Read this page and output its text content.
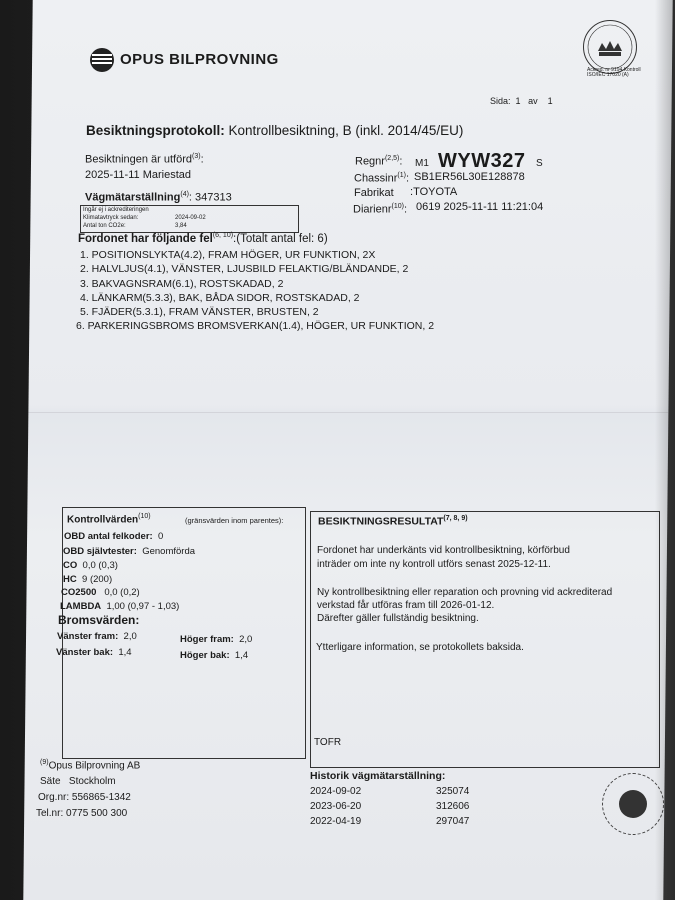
OPUS BILPROVNING
Ackred. nr 9194 Kontroll ISO/IEC 17020 (A)
Sida: 1 av 1
Besiktningsprotokoll: Kontrollbesiktning, B (inkl. 2014/45/EU)
Besiktningen är utförd$^{(3)}$:
2025-11-11 Mariestad
Vägmätarställning$^{(4)}$: 347313
Ingår ej i ackrediteringen
Klimatavtryck sedan:	2024-09-02
Antal ton CO2e:	3,84
Regnr$^{(2,5)}$: M1 WYW327 S
Chassinr$^{(1)}$: SB1ER56L30E128878
Fabrikat :TOYOTA
Diarienr$^{(10)}$: 0619 2025-11-11 11:21:04
Fordonet har följande fel$^{(6, 10)}$:(Totalt antal fel: 6)
1. POSITIONSLYKTA(4.2), FRAM HÖGER, UR FUNKTION, 2X
2. HALVLJUS(4.1), VÄNSTER, LJUSBILD FELAKTIG/BLÄNDANDE, 2
3. BAKVAGNSRAM(6.1), ROSTSKADAD, 2
4. LÄNKARM(5.3.3), BAK, BÅDA SIDOR, ROSTSKADAD, 2
5. FJÄDER(5.3.1), FRAM VÄNSTER, BRUSTEN, 2
6. PARKERINGSBROMS BROMSVERKAN(1.4), HÖGER, UR FUNKTION, 2
Kontrollvärden$^{(10)}$	(gränsvärden inom parentes):
OBD antal felkoder: 0
OBD självtester: Genomförda
CO 0,0 (0,3)
HC 9 (200)
CO2500 0,0 (0,2)
LAMBDA 1,00 (0,97 - 1,03)
Bromsvärden:
Vänster fram: 2,0	Höger fram: 2,0
Vänster bak: 1,4	Höger bak: 1,4
BESIKTNINGSRESULTAT$^{(7, 8, 9)}$
Fordonet har underkänts vid kontrollbesiktning, körförbud
inträder om inte ny kontroll utförs senast 2025-12-11.
Ny kontrollbesiktning eller reparation och provning vid ackrediterad
verkstad får utföras fram till 2026-01-12.
Därefter gäller fullständig besiktning.
Ytterligare information, se protokollets baksida.
TOFR
$^{(9)}$Opus Bilprovning AB
Säte Stockholm
Org.nr: 556865-1342
Tel.nr: 0775 500 300
Historik vägmätarställning:
2024-09-02	325074
2023-06-20	312606
2022-04-19	297047
